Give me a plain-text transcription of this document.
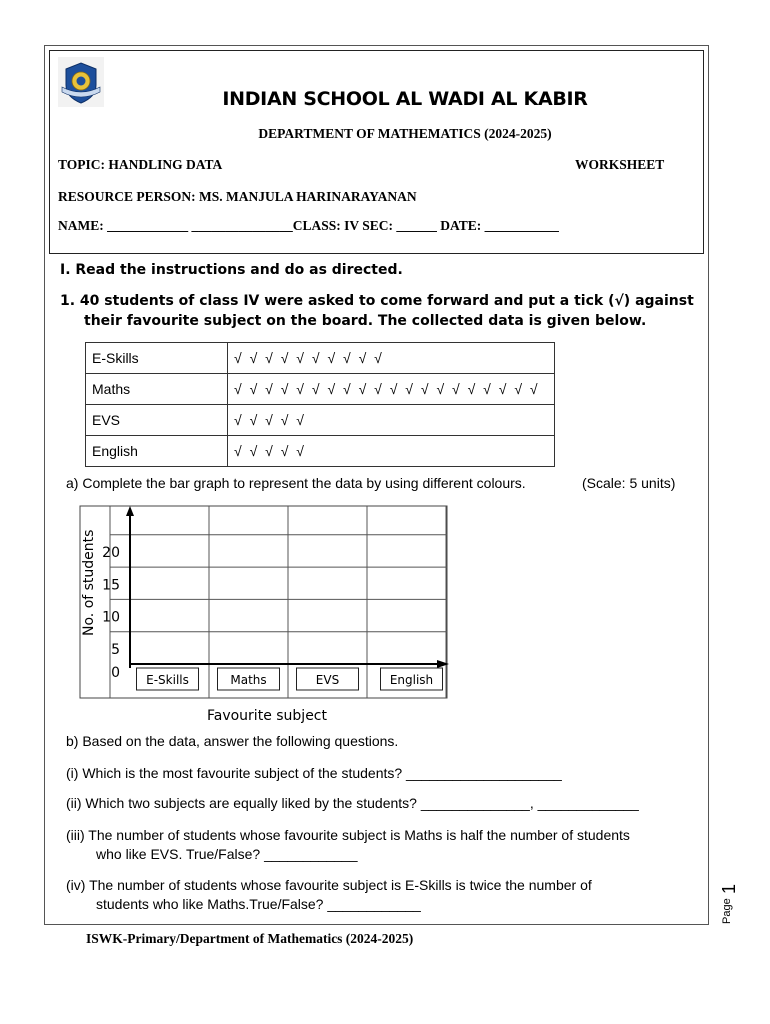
INDIAN SCHOOL AL WADI AL KABIR
DEPARTMENT OF MATHEMATICS (2024-2025)
TOPIC: HANDLING DATA	WORKSHEET
RESOURCE PERSON: MS. MANJULA HARINARAYANAN
NAME: ____________ _______________CLASS: IV SEC: ______ DATE: ___________
I. Read the instructions and do as directed.
1. 40 students of class IV were asked to come forward and put a tick (√) against
their favourite subject on the board. The collected data is given below.
E-Skills	√ √ √ √ √ √ √ √ √ √
Maths	√ √ √ √ √ √ √ √ √ √ √ √ √ √ √ √ √ √ √ √
EVS	√ √ √ √ √
English	√ √ √ √ √
a) Complete the bar graph to represent the data by using different colours.	(Scale: 5 units)
0
5
10
15
20
E-Skills	Maths	EVS	English
No. of students
Favourite subject
b) Based on the data, answer the following questions.
(i) Which is the most favourite subject of the students? ____________________
(ii) Which two subjects are equally liked by the students? ______________, _____________
(iii) The number of students whose favourite subject is Maths is half the number of students
who like EVS. True/False? ____________
(iv) The number of students whose favourite subject is E-Skills is twice the number of
students who like Maths.True/False? ____________
ISWK-Primary/Department of Mathematics (2024-2025)
Page
1
